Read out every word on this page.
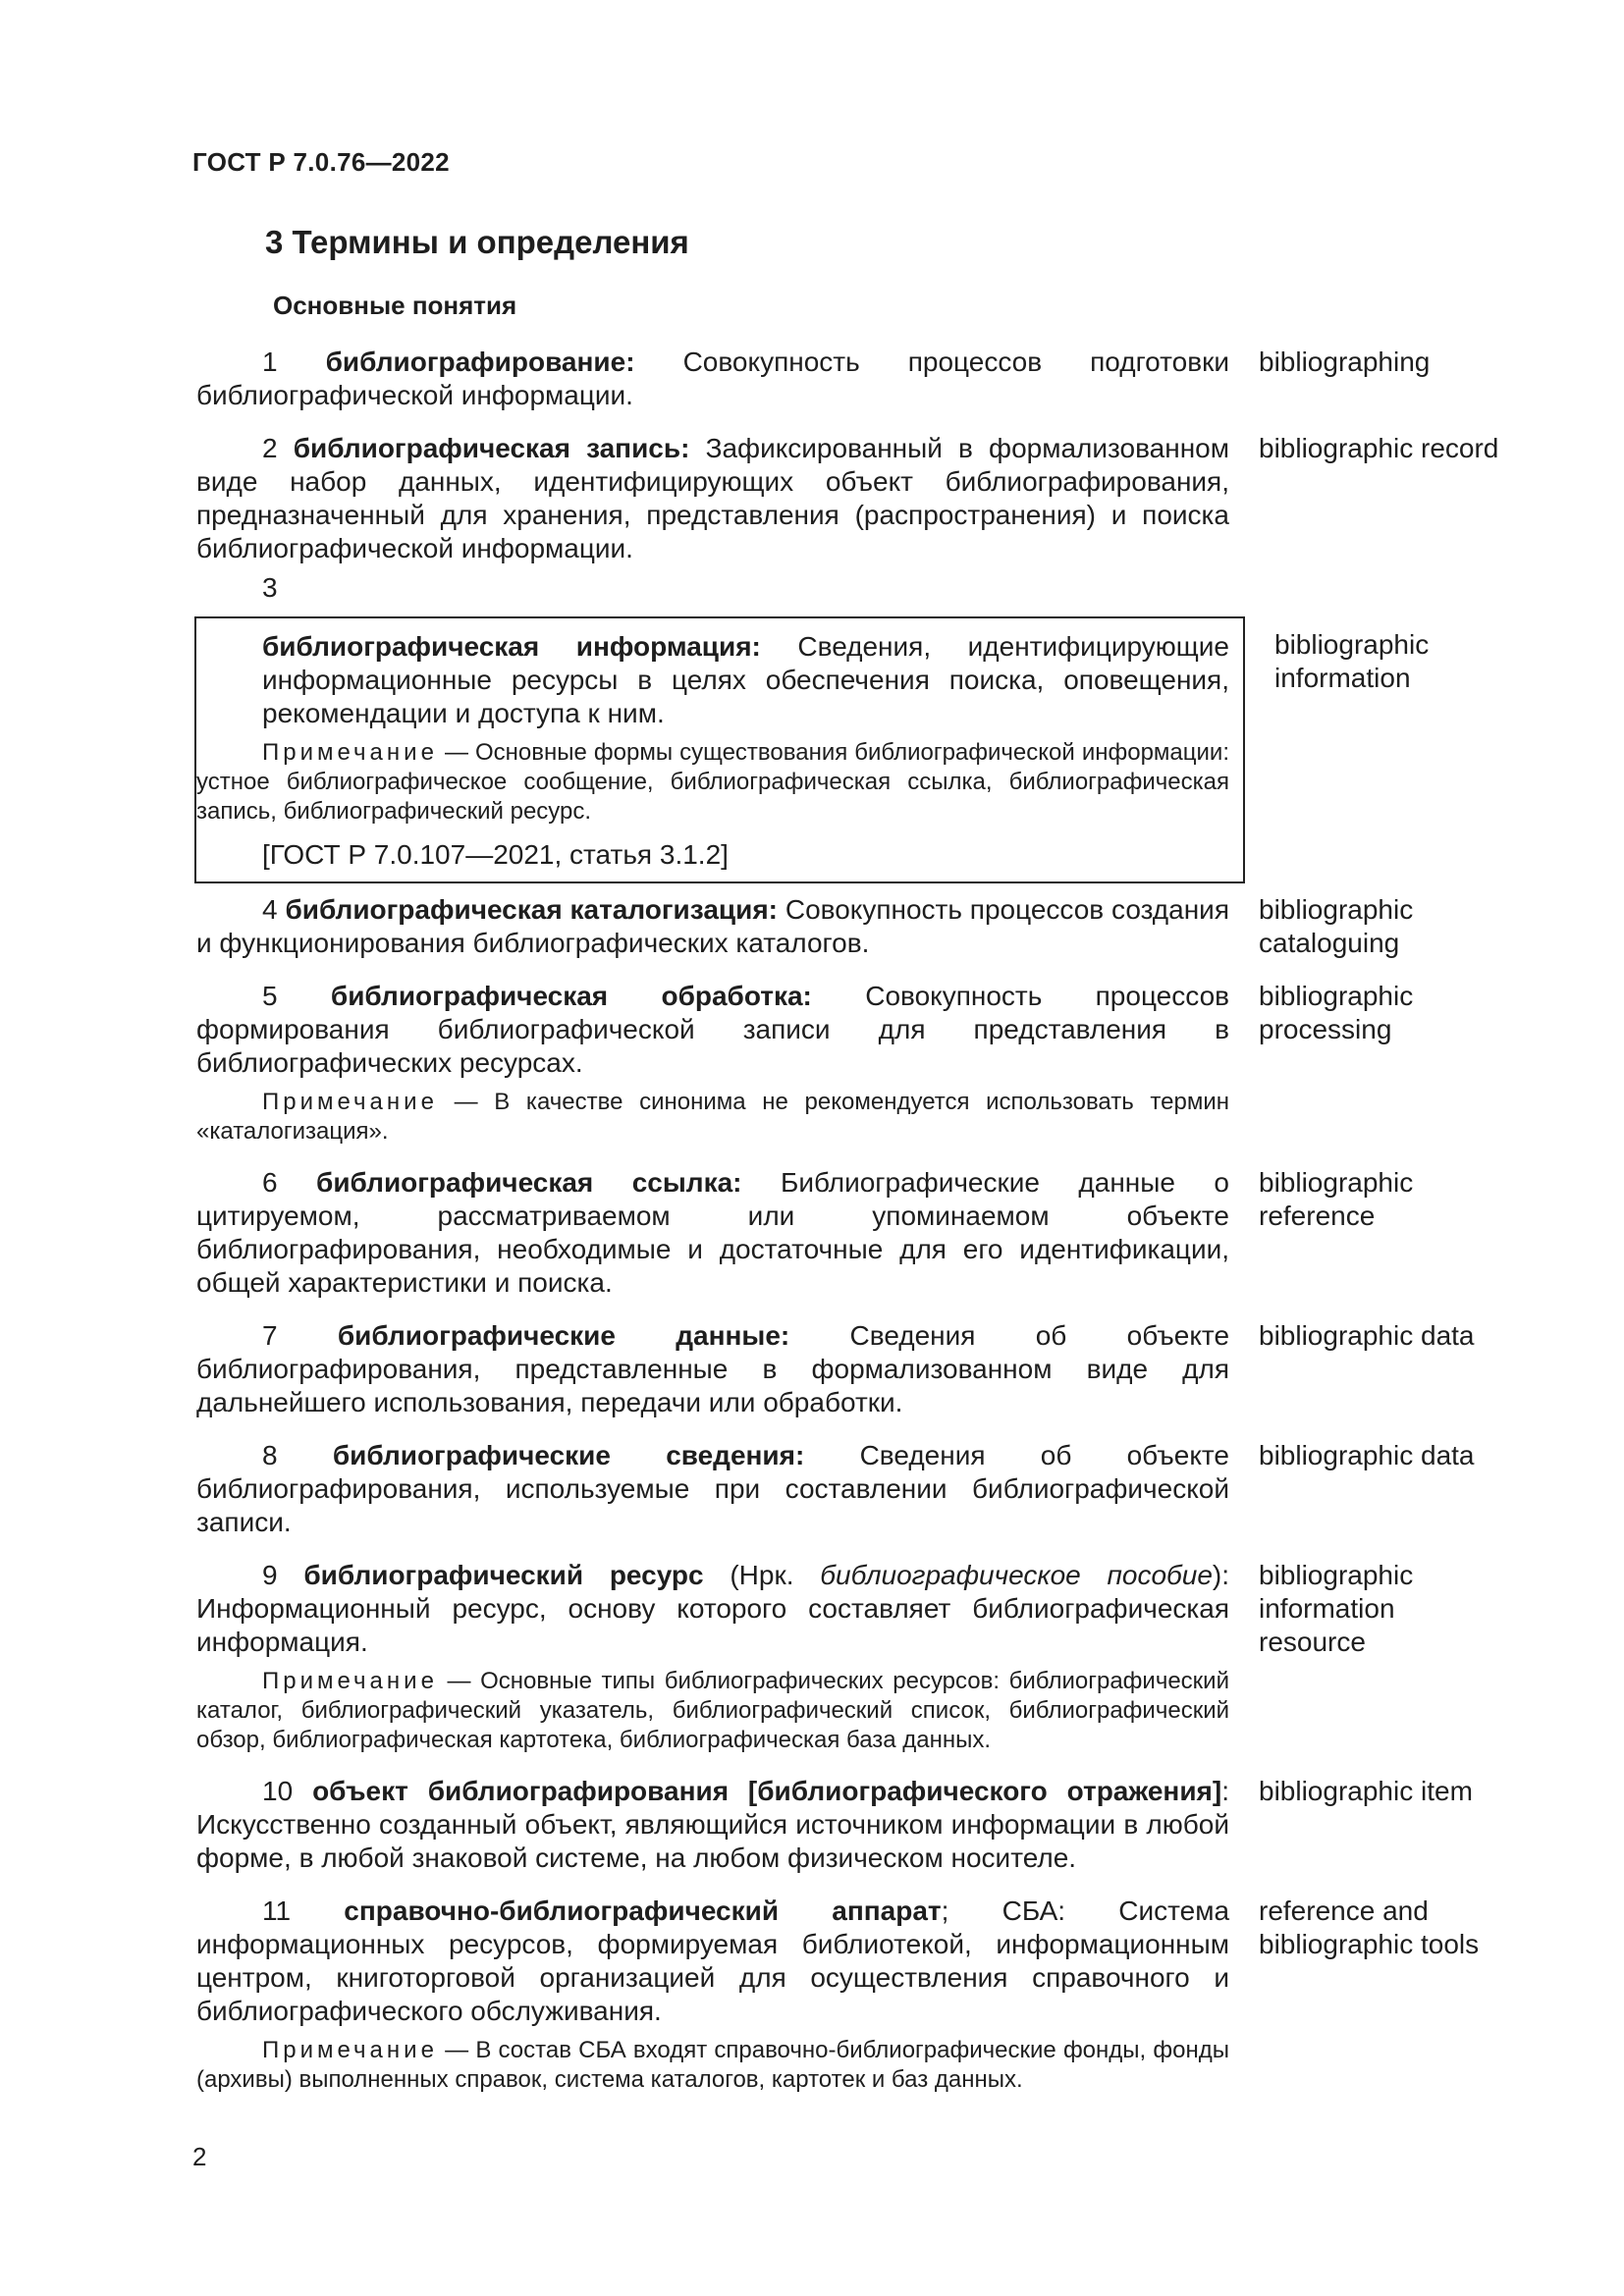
ГОСТ Р 7.0.76—2022
3 Термины и определения
Основные понятия

1 библиографирование: Совокупность процессов подготовки библиографической информации.

bibliographing

2 библиографическая запись: Зафиксированный в формализованном виде набор данных, идентифицирующих объект библиографирования, предназначенный для хранения, представления (распространения) и поиска библиографической информации.

bibliographic record
3

библиографическая информация: Сведения, идентифицирующие информационные ресурсы в целях обеспечения поиска, оповещения, рекомендации и доступа к ним.

Примечание — Основные формы существования библиографической информации: устное библиографическое сообщение, библиографическая ссылка, библиографическая запись, библиографический ресурс.

[ГОСТ Р 7.0.107—2021, статья 3.1.2]
bibliographic information

4 библиографическая каталогизация: Совокупность процессов создания и функционирования библиографических каталогов.

bibliographic cataloguing

5 библиографическая обработка: Совокупность процессов формирования библиографической записи для представления в библиографических ресурсах.

Примечание — В качестве синонима не рекомендуется использовать термин «каталогизация».

bibliographic processing

6 библиографическая ссылка: Библиографические данные о цитируемом, рассматриваемом или упоминаемом объекте библиографирования, необходимые и достаточные для его идентификации, общей характеристики и поиска.

bibliographic reference

7 библиографические данные: Сведения об объекте библиографирования, представленные в формализованном виде для дальнейшего использования, передачи или обработки.

bibliographic data

8 библиографические сведения: Сведения об объекте библиографирования, используемые при составлении библиографической записи.

bibliographic data

9 библиографический ресурс (Нрк. библиографическое пособие): Информационный ресурс, основу которого составляет библиографическая информация.

Примечание — Основные типы библиографических ресурсов: библиографический каталог, библиографический указатель, библиографический список, библиографический обзор, библиографическая картотека, библиографическая база данных.

bibliographic information resource

10 объект библиографирования [библиографического отражения]: Искусственно созданный объект, являющийся источником информации в любой форме, в любой знаковой системе, на любом физическом носителе.

bibliographic item

11 справочно-библиографический аппарат; СБА: Система информационных ресурсов, формируемая библиотекой, информационным центром, книготорговой организацией для осуществления справочного и библиографического обслуживания.

Примечание — В состав СБА входят справочно-библиографические фонды, фонды (архивы) выполненных справок, система каталогов, картотек и баз данных.

reference and bibliographic tools
2
